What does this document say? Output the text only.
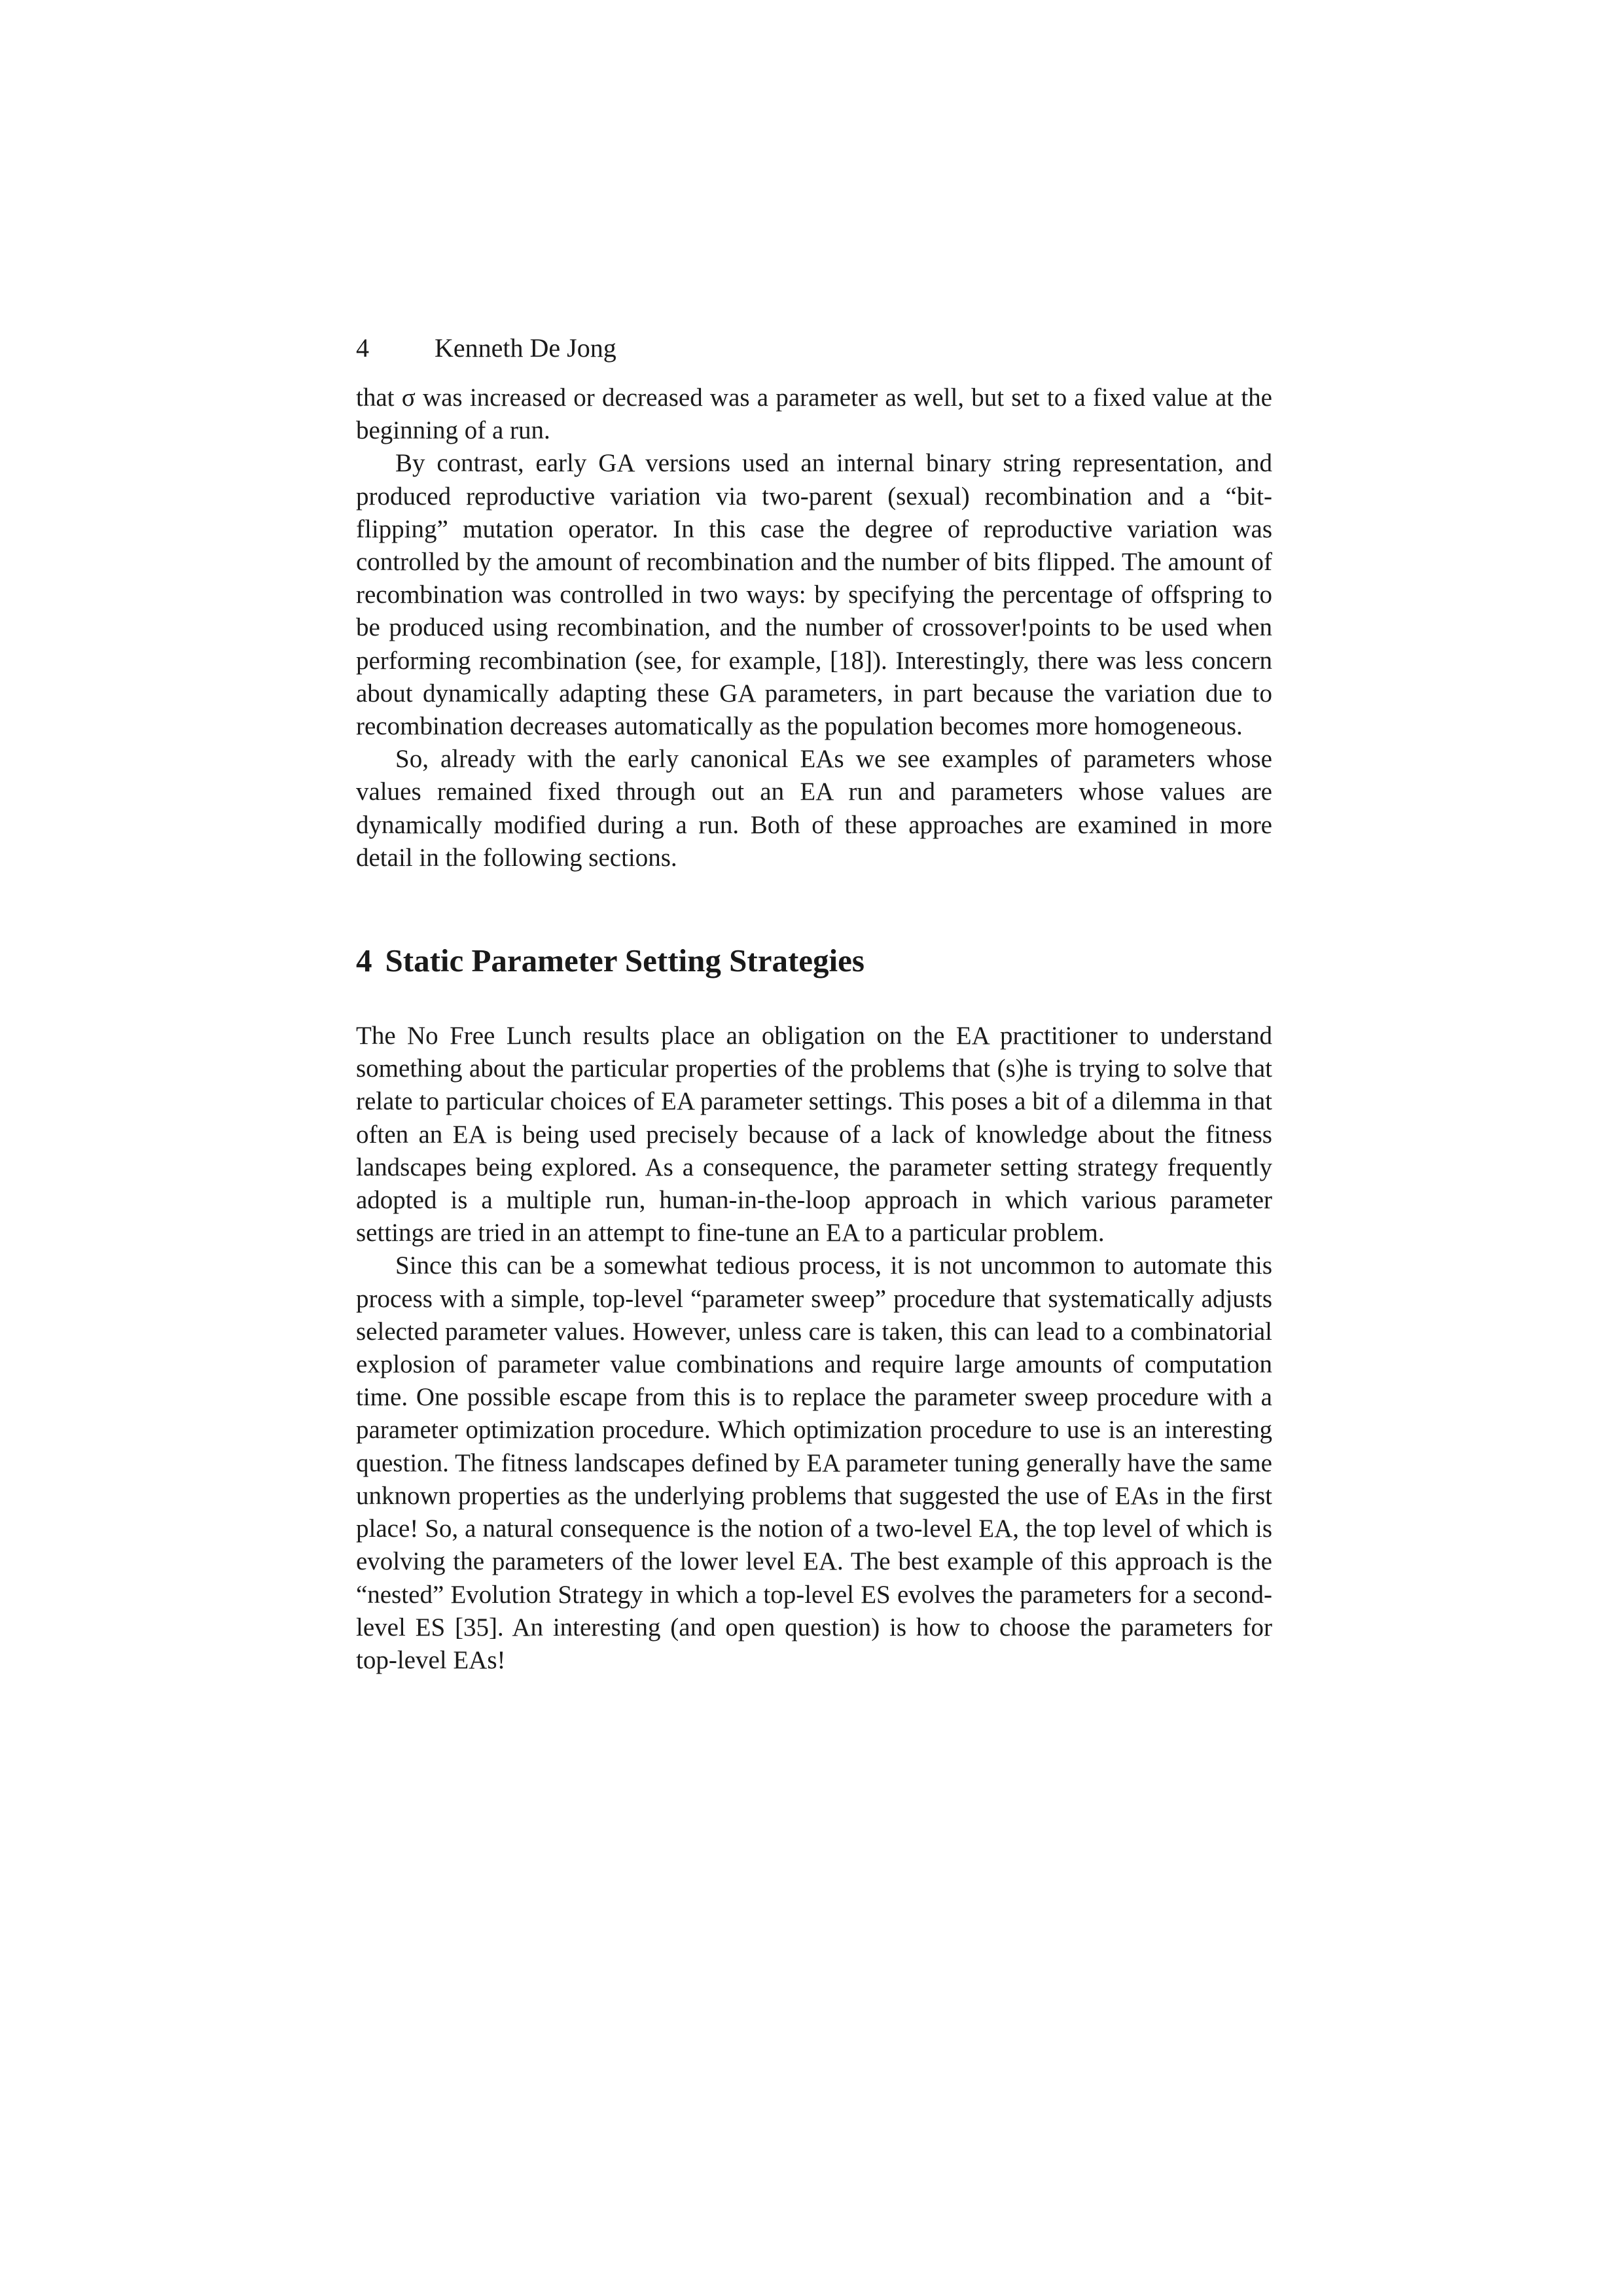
4	Kenneth De Jong

that σ was increased or decreased was a parameter as well, but set to a fixed value at the beginning of a run.

By contrast, early GA versions used an internal binary string representation, and produced reproductive variation via two-parent (sexual) recombination and a “bit-flipping” mutation operator. In this case the degree of reproductive variation was controlled by the amount of recombination and the number of bits flipped. The amount of recombination was controlled in two ways: by specifying the percentage of offspring to be produced using recombination, and the number of crossover!points to be used when performing recombination (see, for example, [18]). Interestingly, there was less concern about dynamically adapting these GA parameters, in part because the variation due to recombination decreases automatically as the population becomes more homogeneous.

So, already with the early canonical EAs we see examples of parameters whose values remained fixed through out an EA run and parameters whose values are dynamically modified during a run. Both of these approaches are examined in more detail in the following sections.

4 Static Parameter Setting Strategies

The No Free Lunch results place an obligation on the EA practitioner to understand something about the particular properties of the problems that (s)he is trying to solve that relate to particular choices of EA parameter settings. This poses a bit of a dilemma in that often an EA is being used precisely because of a lack of knowledge about the fitness landscapes being explored. As a consequence, the parameter setting strategy frequently adopted is a multiple run, human-in-the-loop approach in which various parameter settings are tried in an attempt to fine-tune an EA to a particular problem.

Since this can be a somewhat tedious process, it is not uncommon to automate this process with a simple, top-level “parameter sweep” procedure that systematically adjusts selected parameter values. However, unless care is taken, this can lead to a combinatorial explosion of parameter value combinations and require large amounts of computation time. One possible escape from this is to replace the parameter sweep procedure with a parameter optimization procedure. Which optimization procedure to use is an interesting question. The fitness landscapes defined by EA parameter tuning generally have the same unknown properties as the underlying problems that suggested the use of EAs in the first place! So, a natural consequence is the notion of a two-level EA, the top level of which is evolving the parameters of the lower level EA. The best example of this approach is the “nested” Evolution Strategy in which a top-level ES evolves the parameters for a second-level ES [35]. An interesting (and open question) is how to choose the parameters for top-level EAs!
